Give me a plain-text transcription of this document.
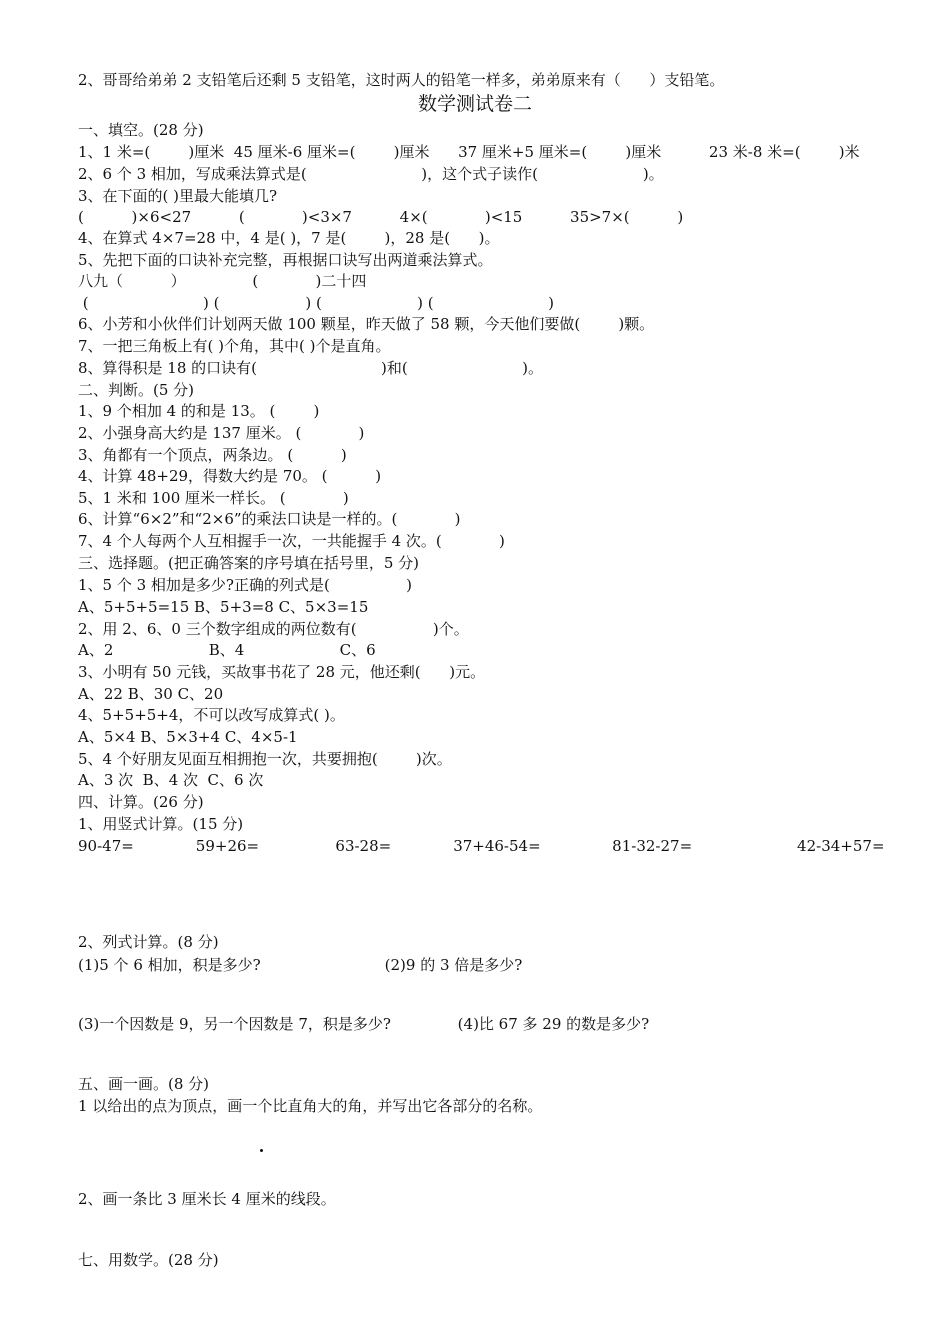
2、哥哥给弟弟 2 支铅笔后还剩 5 支铅笔，这时两人的铅笔一样多，弟弟原来有（      ）支铅笔。
数学测试卷二
一、填空。(28 分)
1、1 米=(        )厘米  45 厘米-6 厘米=(        )厘米      37 厘米+5 厘米=(        )厘米          23 米-8 米=(        )米
2、6 个 3 相加，写成乘法算式是(                        )，这个式子读作(                      )。
3、在下面的( )里最大能填几?
(          )×6<27          (            )<3×7          4×(            )<15          35>7×(          )
4、在算式 4×7=28 中，4 是( )，7 是(        )，28 是(      )。
5、先把下面的口诀补充完整，再根据口诀写出两道乘法算式。
八九（          ）              (            )二十四
(                        ) (                  ) (                    ) (                        )
6、小芳和小伙伴们计划两天做 100 颗星，昨天做了 58 颗，今天他们要做(        )颗。
7、一把三角板上有( )个角，其中( )个是直角。
8、算得积是 18 的口诀有(                          )和(                        )。
二、判断。(5 分)
1、9 个相加 4 的和是 13。 (        )
2、小强身高大约是 137 厘米。 (            )
3、角都有一个顶点，两条边。 (          )
4、计算 48+29，得数大约是 70。 (          )
5、1 米和 100 厘米一样长。 (            )
6、计算“6×2”和“2×6”的乘法口诀是一样的。(            )
7、4 个人每两个人互相握手一次，一共能握手 4 次。(            )
三、选择题。(把正确答案的序号填在括号里，5 分)
1、5 个 3 相加是多少?正确的列式是(                )
A、5+5+5=15 B、5+3=8 C、5×3=15
2、用 2、6、0 三个数字组成的两位数有(                )个。
A、2                    B、4                    C、6
3、小明有 50 元钱，买故事书花了 28 元，他还剩(      )元。
A、22 B、30 C、20
4、5+5+5+4，不可以改写成算式( )。
A、5×4 B、5×3+4 C、4×5-1
5、4 个好朋友见面互相拥抱一次，共要拥抱(        )次。
A、3 次  B、4 次  C、6 次
四、计算。(26 分)
1、用竖式计算。(15 分)
90-47=             59+26=                63-28=             37+46-54=               81-32-27=                      42-34+57=
2、列式计算。(8 分)
(1)5 个 6 相加，积是多少?                          (2)9 的 3 倍是多少?
(3)一个因数是 9，另一个因数是 7，积是多少?              (4)比 67 多 29 的数是多少?
五、画一画。(8 分)
1 以给出的点为顶点，画一个比直角大的角，并写出它各部分的名称。
2、画一条比 3 厘米长 4 厘米的线段。
七、用数学。(28 分)
